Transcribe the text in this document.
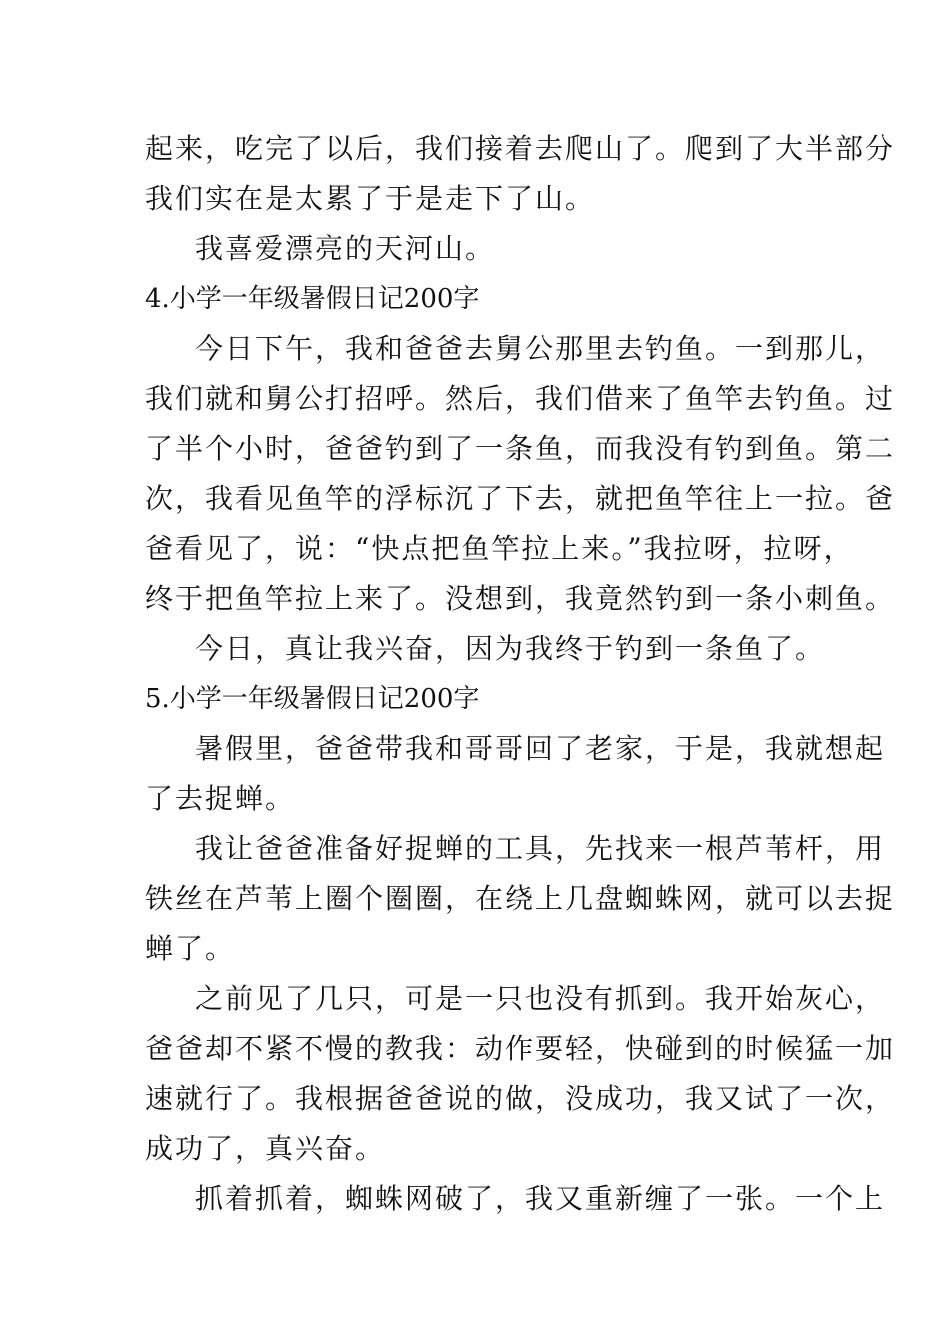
起来，吃完了以后，我们接着去爬山了。爬到了大半部分
我们实在是太累了于是走下了山。
我喜爱漂亮的天河山。
4.小学一年级暑假日记200字
今日下午，我和爸爸去舅公那里去钓鱼。一到那儿，
我们就和舅公打招呼。然后，我们借来了鱼竿去钓鱼。过
了半个小时，爸爸钓到了一条鱼，而我没有钓到鱼。第二
次，我看见鱼竿的浮标沉了下去，就把鱼竿往上一拉。爸
爸看见了，说：“快点把鱼竿拉上来。”我拉呀，拉呀，
终于把鱼竿拉上来了。没想到，我竟然钓到一条小刺鱼。
今日，真让我兴奋，因为我终于钓到一条鱼了。
5.小学一年级暑假日记200字
暑假里，爸爸带我和哥哥回了老家，于是，我就想起
了去捉蝉。
我让爸爸准备好捉蝉的工具，先找来一根芦苇杆，用
铁丝在芦苇上圈个圈圈，在绕上几盘蜘蛛网，就可以去捉
蝉了。
之前见了几只，可是一只也没有抓到。我开始灰心，
爸爸却不紧不慢的教我：动作要轻，快碰到的时候猛一加
速就行了。我根据爸爸说的做，没成功，我又试了一次，
成功了，真兴奋。
抓着抓着，蜘蛛网破了，我又重新缠了一张。一个上
